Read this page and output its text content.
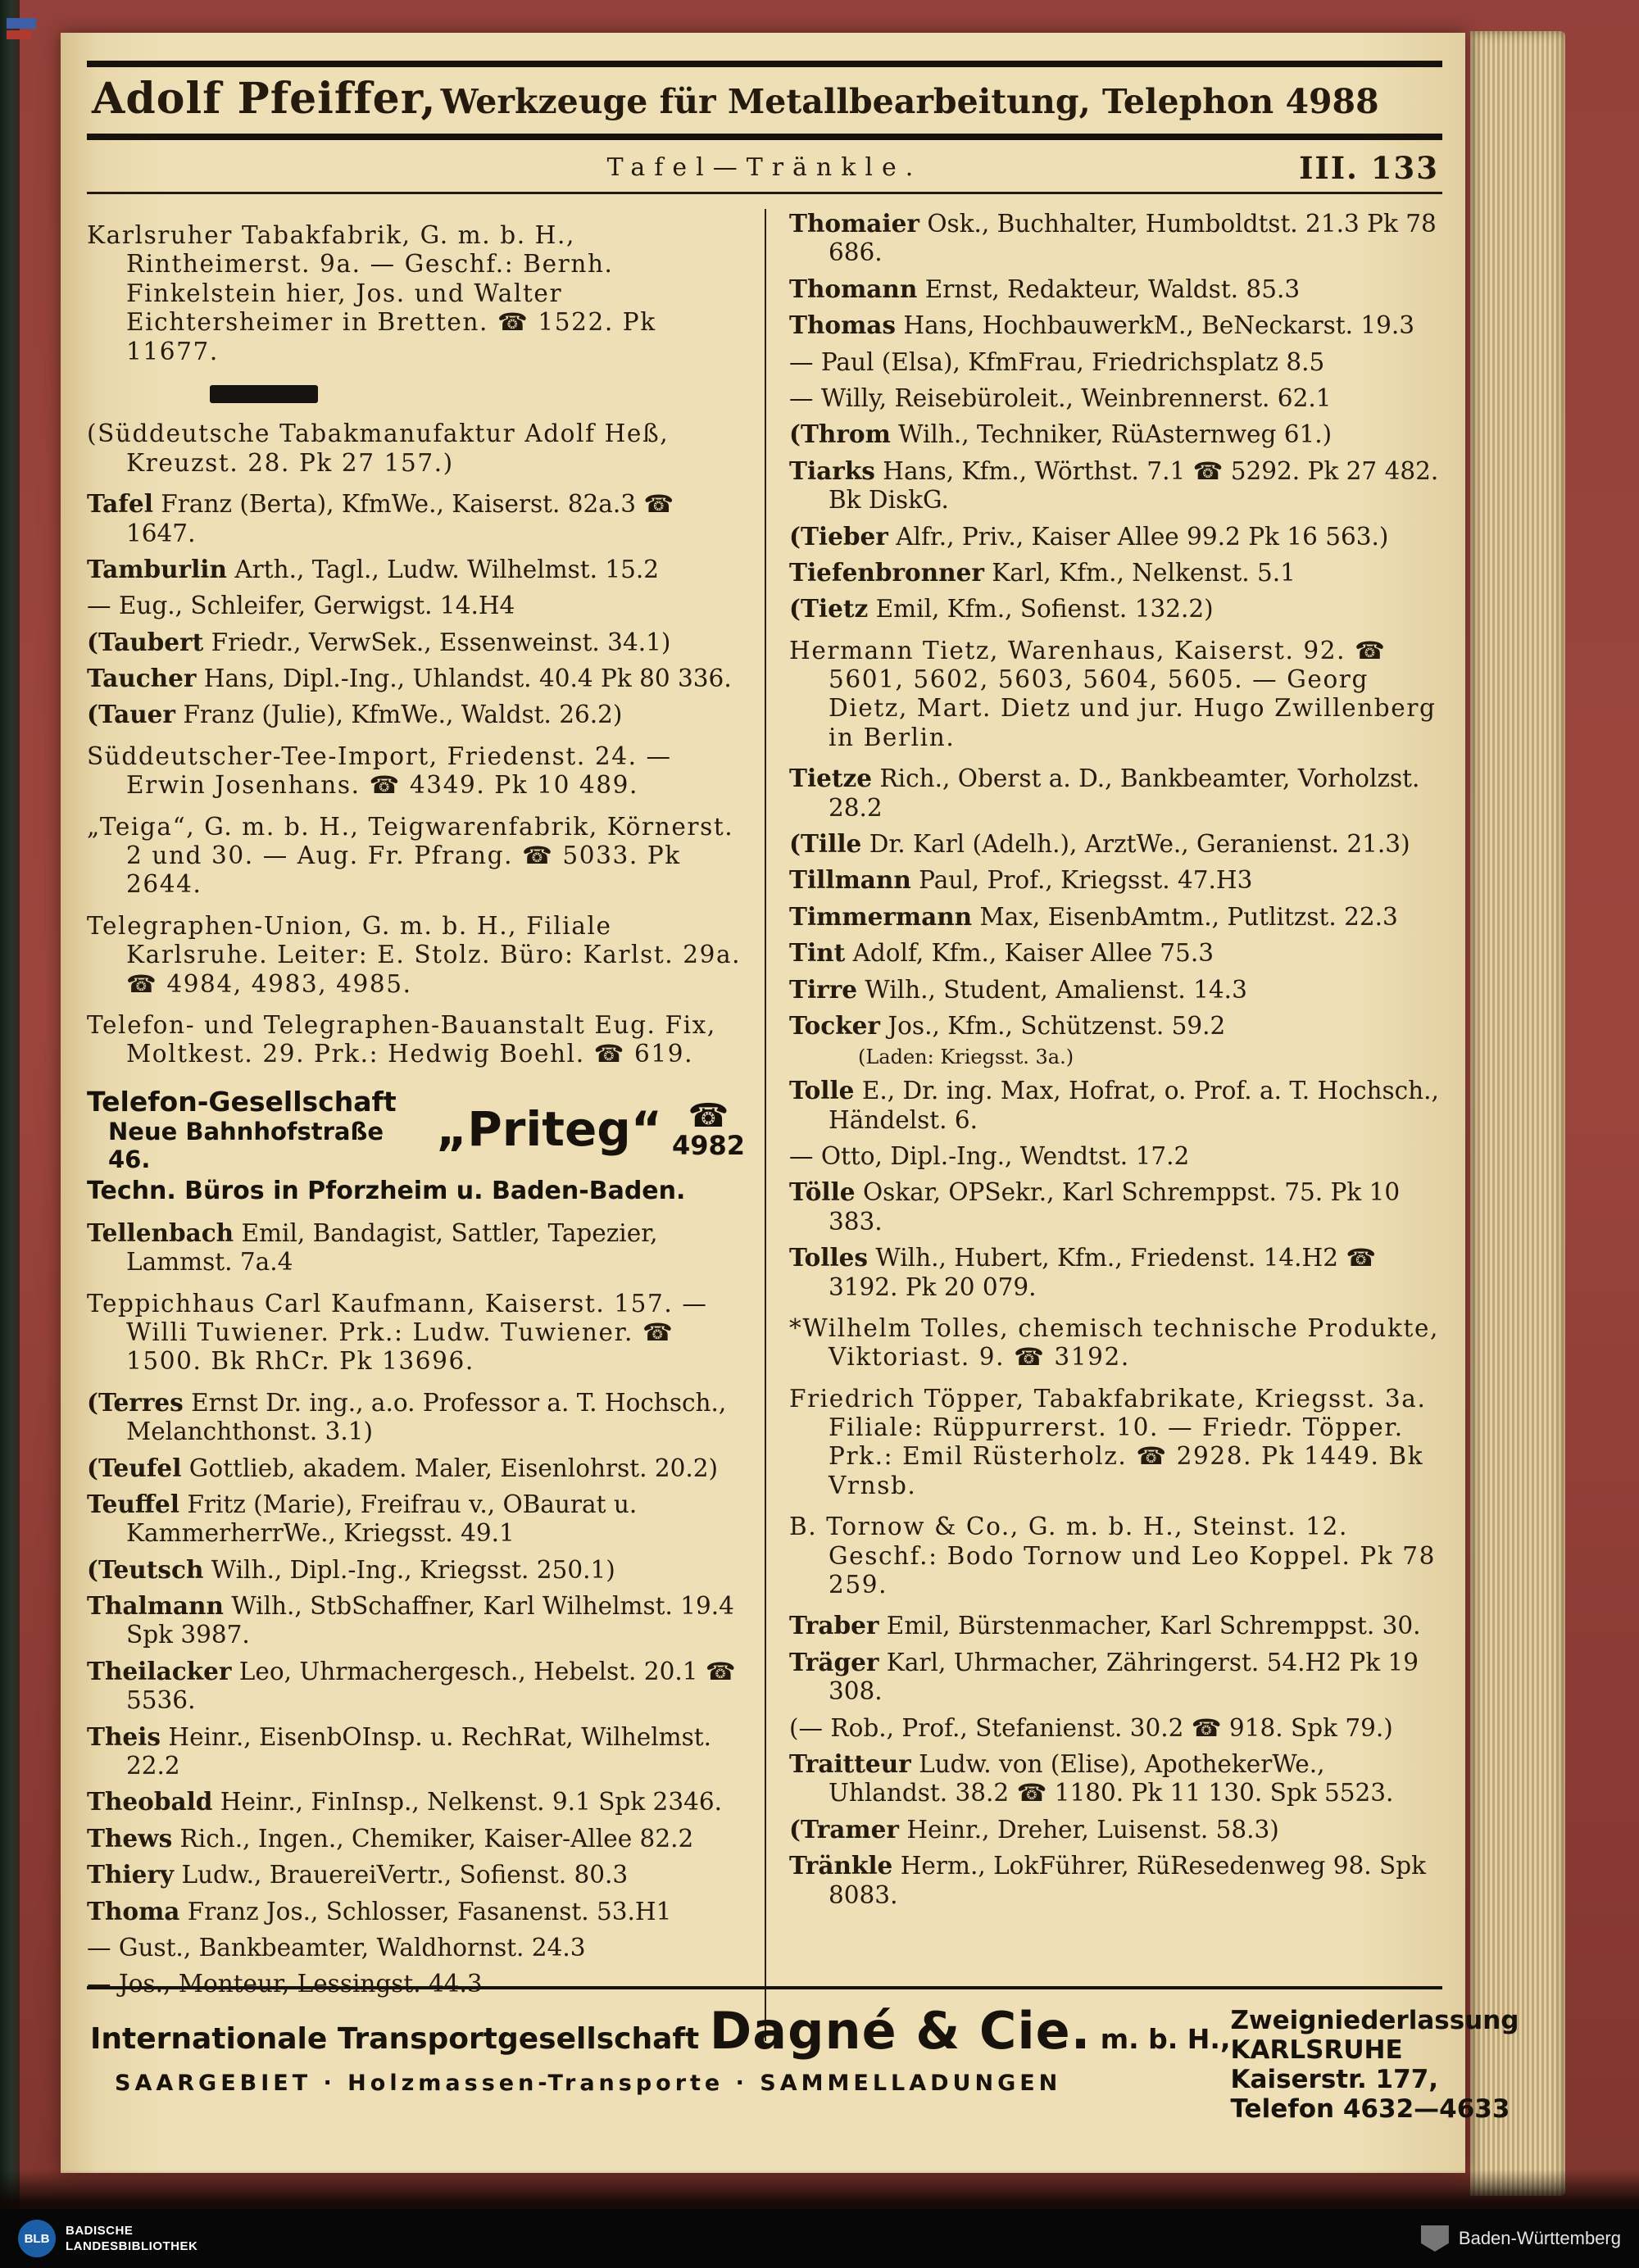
Adolf Pfeiffer, Werkzeuge für Metallbearbeitung, Telephon 4988
Tafel—Tränkle.	III. 133

Karlsruher Tabakfabrik, G. m. b. H., Rintheimerst. 9a. — Geschf.: Bernh. Finkelstein hier, Jos. und Walter Eichtersheimer in Bretten. ☎ 1522. Pk 11677.

(Süddeutsche Tabakmanufaktur Adolf Heß, Kreuzst. 28. Pk 27 157.)

Tafel Franz (Berta), KfmWe., Kaiserst. 82a.3 ☎ 1647.

Tamburlin Arth., Tagl., Ludw. Wilhelmst. 15.2

— Eug., Schleifer, Gerwigst. 14.H4

(Taubert Friedr., VerwSek., Essenweinst. 34.1)

Taucher Hans, Dipl.-Ing., Uhlandst. 40.4 Pk 80 336.

(Tauer Franz (Julie), KfmWe., Waldst. 26.2)

Süddeutscher-Tee-Import, Friedenst. 24. — Erwin Josenhans. ☎ 4349. Pk 10 489.

„Teiga“, G. m. b. H., Teigwarenfabrik, Körnerst. 2 und 30. — Aug. Fr. Pfrang. ☎ 5033. Pk 2644.

Telegraphen-Union, G. m. b. H., Filiale Karlsruhe. Leiter: E. Stolz. Büro: Karlst. 29a. ☎ 4984, 4983, 4985.

Telefon- und Telegraphen-Bauanstalt Eug. Fix, Moltkest. 29. Prk.: Hedwig Boehl. ☎ 619.

Telefon-Gesellschaft
Neue Bahnhofstraße 46.
„Priteg“ ☎
4982
Techn. Büros in Pforzheim u. Baden-Baden.

Tellenbach Emil, Bandagist, Sattler, Tapezier, Lammst. 7a.4

Teppichhaus Carl Kaufmann, Kaiserst. 157. — Willi Tuwiener. Prk.: Ludw. Tuwiener. ☎ 1500. Bk RhCr. Pk 13696.

(Terres Ernst Dr. ing., a.o. Professor a. T. Hochsch., Melanchthonst. 3.1)

(Teufel Gottlieb, akadem. Maler, Eisenlohrst. 20.2)

Teuffel Fritz (Marie), Freifrau v., OBaurat u. KammerherrWe., Kriegsst. 49.1

(Teutsch Wilh., Dipl.-Ing., Kriegsst. 250.1)

Thalmann Wilh., StbSchaffner, Karl Wilhelmst. 19.4 Spk 3987.

Theilacker Leo, Uhrmachergesch., Hebelst. 20.1 ☎ 5536.

Theis Heinr., EisenbOInsp. u. RechRat, Wilhelmst. 22.2

Theobald Heinr., FinInsp., Nelkenst. 9.1 Spk 2346.

Thews Rich., Ingen., Chemiker, Kaiser-Allee 82.2

Thiery Ludw., BrauereiVertr., Sofienst. 80.3

Thoma Franz Jos., Schlosser, Fasanenst. 53.H1

— Gust., Bankbeamter, Waldhornst. 24.3

— Jos., Monteur, Lessingst. 44.3

Thomaier Osk., Buchhalter, Humboldtst. 21.3 Pk 78 686.

Thomann Ernst, Redakteur, Waldst. 85.3

Thomas Hans, HochbauwerkM., BeNeckarst. 19.3

— Paul (Elsa), KfmFrau, Friedrichsplatz 8.5

— Willy, Reisebüroleit., Weinbrennerst. 62.1

(Throm Wilh., Techniker, RüAsternweg 61.)

Tiarks Hans, Kfm., Wörthst. 7.1 ☎ 5292. Pk 27 482. Bk DiskG.

(Tieber Alfr., Priv., Kaiser Allee 99.2 Pk 16 563.)

Tiefenbronner Karl, Kfm., Nelkenst. 5.1

(Tietz Emil, Kfm., Sofienst. 132.2)

Hermann Tietz, Warenhaus, Kaiserst. 92. ☎ 5601, 5602, 5603, 5604, 5605. — Georg Dietz, Mart. Dietz und jur. Hugo Zwillenberg in Berlin.

Tietze Rich., Oberst a. D., Bankbeamter, Vorholzst. 28.2

(Tille Dr. Karl (Adelh.), ArztWe., Geranienst. 21.3)

Tillmann Paul, Prof., Kriegsst. 47.H3

Timmermann Max, EisenbAmtm., Putlitzst. 22.3

Tint Adolf, Kfm., Kaiser Allee 75.3

Tirre Wilh., Student, Amalienst. 14.3

Tocker Jos., Kfm., Schützenst. 59.2

(Laden: Kriegsst. 3a.)

Tolle E., Dr. ing. Max, Hofrat, o. Prof. a. T. Hochsch., Händelst. 6.

— Otto, Dipl.-Ing., Wendtst. 17.2

Tölle Oskar, OPSekr., Karl Schremppst. 75. Pk 10 383.

Tolles Wilh., Hubert, Kfm., Friedenst. 14.H2 ☎ 3192. Pk 20 079.

*Wilhelm Tolles, chemisch technische Produkte, Viktoriast. 9. ☎ 3192.

Friedrich Töpper, Tabakfabrikate, Kriegsst. 3a. Filiale: Rüppurrerst. 10. — Friedr. Töpper. Prk.: Emil Rüsterholz. ☎ 2928. Pk 1449. Bk Vrnsb.

B. Tornow & Co., G. m. b. H., Steinst. 12. Geschf.: Bodo Tornow und Leo Koppel. Pk 78 259.

Traber Emil, Bürstenmacher, Karl Schremppst. 30.

Träger Karl, Uhrmacher, Zähringerst. 54.H2 Pk 19 308.

(— Rob., Prof., Stefanienst. 30.2 ☎ 918. Spk 79.)

Traitteur Ludw. von (Elise), ApothekerWe., Uhlandst. 38.2 ☎ 1180. Pk 11 130. Spk 5523.

(Tramer Heinr., Dreher, Luisenst. 58.3)

Tränkle Herm., LokFührer, RüResedenweg 98. Spk 8083.

Internationale Transportgesellschaft Dagné & Cie. m. b. H.,
SAARGEBIET · Holzmassen-Transporte · SAMMELLADUNGEN
Zweigniederlassung KARLSRUHE
Kaiserstr. 177, Telefon 4632—4633
BLB
BADISCHE
LANDESBIBLIOTHEK	Baden-Württemberg
